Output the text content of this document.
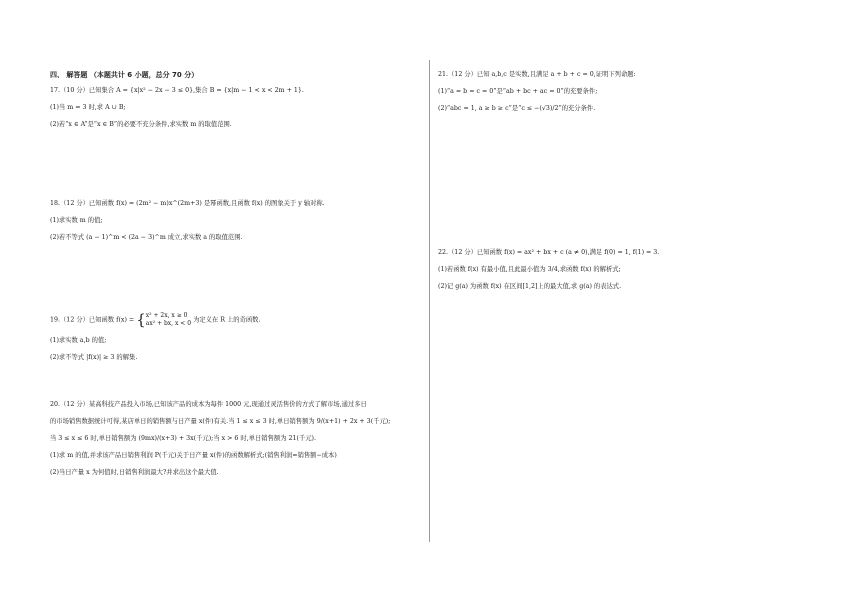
四、 解答题 （本题共计 6 小题，总分 70 分）
17.（10 分）已知集合 A = {x|x² − 2x − 3 ≤ 0},集合 B = {x|m − 1 < x < 2m + 1}.
(1)当 m = 3 时,求 A ∪ B;
(2)若“x ∈ A”是“x ∈ B”的必要不充分条件,求实数 m 的取值范围.
18.（12 分）已知函数 f(x) = (2m² − m)x^(2m+3) 是幂函数,且函数 f(x) 的图象关于 y 轴对称.
(1)求实数 m 的值;
(2)若不等式 (a − 1)^m < (2a − 3)^m 成立,求实数 a 的取值范围.
19.（12 分）已知函数 f(x) = { x² + 2x, x ≥ 0
ax² + bx, x < 0 为定义在 R 上的奇函数.
(1)求实数 a,b 的值;
(2)求不等式 |f(x)| ≥ 3 的解集.
20.（12 分）某高科技产品投入市场,已知该产品的成本为每件 1000 元,现通过灵活售价的方式了解市场,通过多日
的市场销售数据统计可得,某店单日的销售额与日产量 x(件)有关.当 1 ≤ x ≤ 3 时,单日销售额为 9/(x+1) + 2x + 3(千元);
当 3 ≤ x ≤ 6 时,单日销售额为 (9mx)/(x+3) + 3x(千元);当 x > 6 时,单日销售额为 21(千元).
(1)求 m 的值,并求该产品日销售利润 P(千元)关于日产量 x(件)的函数解析式;(销售利润=销售额−成本)
(2)当日产量 x 为何值时,日销售利润最大?并求出这个最大值.
21.（12 分）已知 a,b,c 是实数,且满足 a + b + c = 0,证明下列命题:
(1)“a = b = c = 0”是“ab + bc + ac = 0”的充要条件;
(2)“abc = 1, a ≥ b ≥ c”是“c ≤ −(√3)/2”的充分条件.
22.（12 分）已知函数 f(x) = ax² + bx + c (a ≠ 0),满足 f(0) = 1, f(1) = 3.
(1)若函数 f(x) 有最小值,且此最小值为 3/4,求函数 f(x) 的解析式;
(2)记 g(a) 为函数 f(x) 在区间[1,2]上的最大值,求 g(a) 的表达式.
